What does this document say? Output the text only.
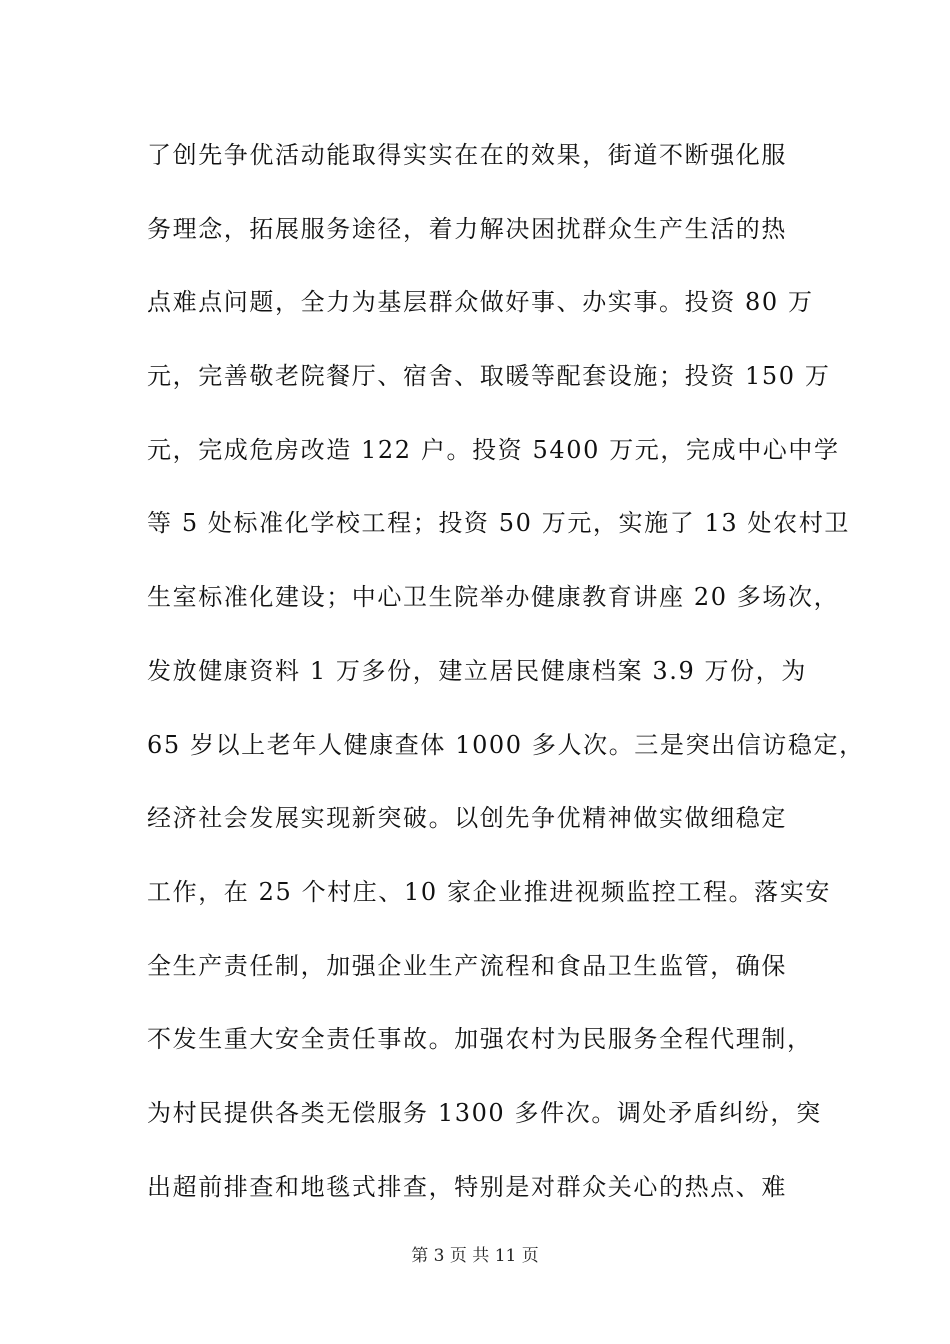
了创先争优活动能取得实实在在的效果，街道不断强化服
务理念，拓展服务途径，着力解决困扰群众生产生活的热
点难点问题，全力为基层群众做好事、办实事。投资 80 万
元，完善敬老院餐厅、宿舍、取暖等配套设施；投资 150 万
元，完成危房改造 122 户。投资 5400 万元，完成中心中学
等 5 处标准化学校工程；投资 50 万元，实施了 13 处农村卫
生室标准化建设；中心卫生院举办健康教育讲座 20 多场次，
发放健康资料 1 万多份，建立居民健康档案 3.9 万份，为
65 岁以上老年人健康查体 1000 多人次。三是突出信访稳定，
经济社会发展实现新突破。以创先争优精神做实做细稳定
工作，在 25 个村庄、10 家企业推进视频监控工程。落实安
全生产责任制，加强企业生产流程和食品卫生监管，确保
不发生重大安全责任事故。加强农村为民服务全程代理制，
为村民提供各类无偿服务 1300 多件次。调处矛盾纠纷，突
出超前排查和地毯式排查，特别是对群众关心的热点、难
第 3 页 共 11 页
